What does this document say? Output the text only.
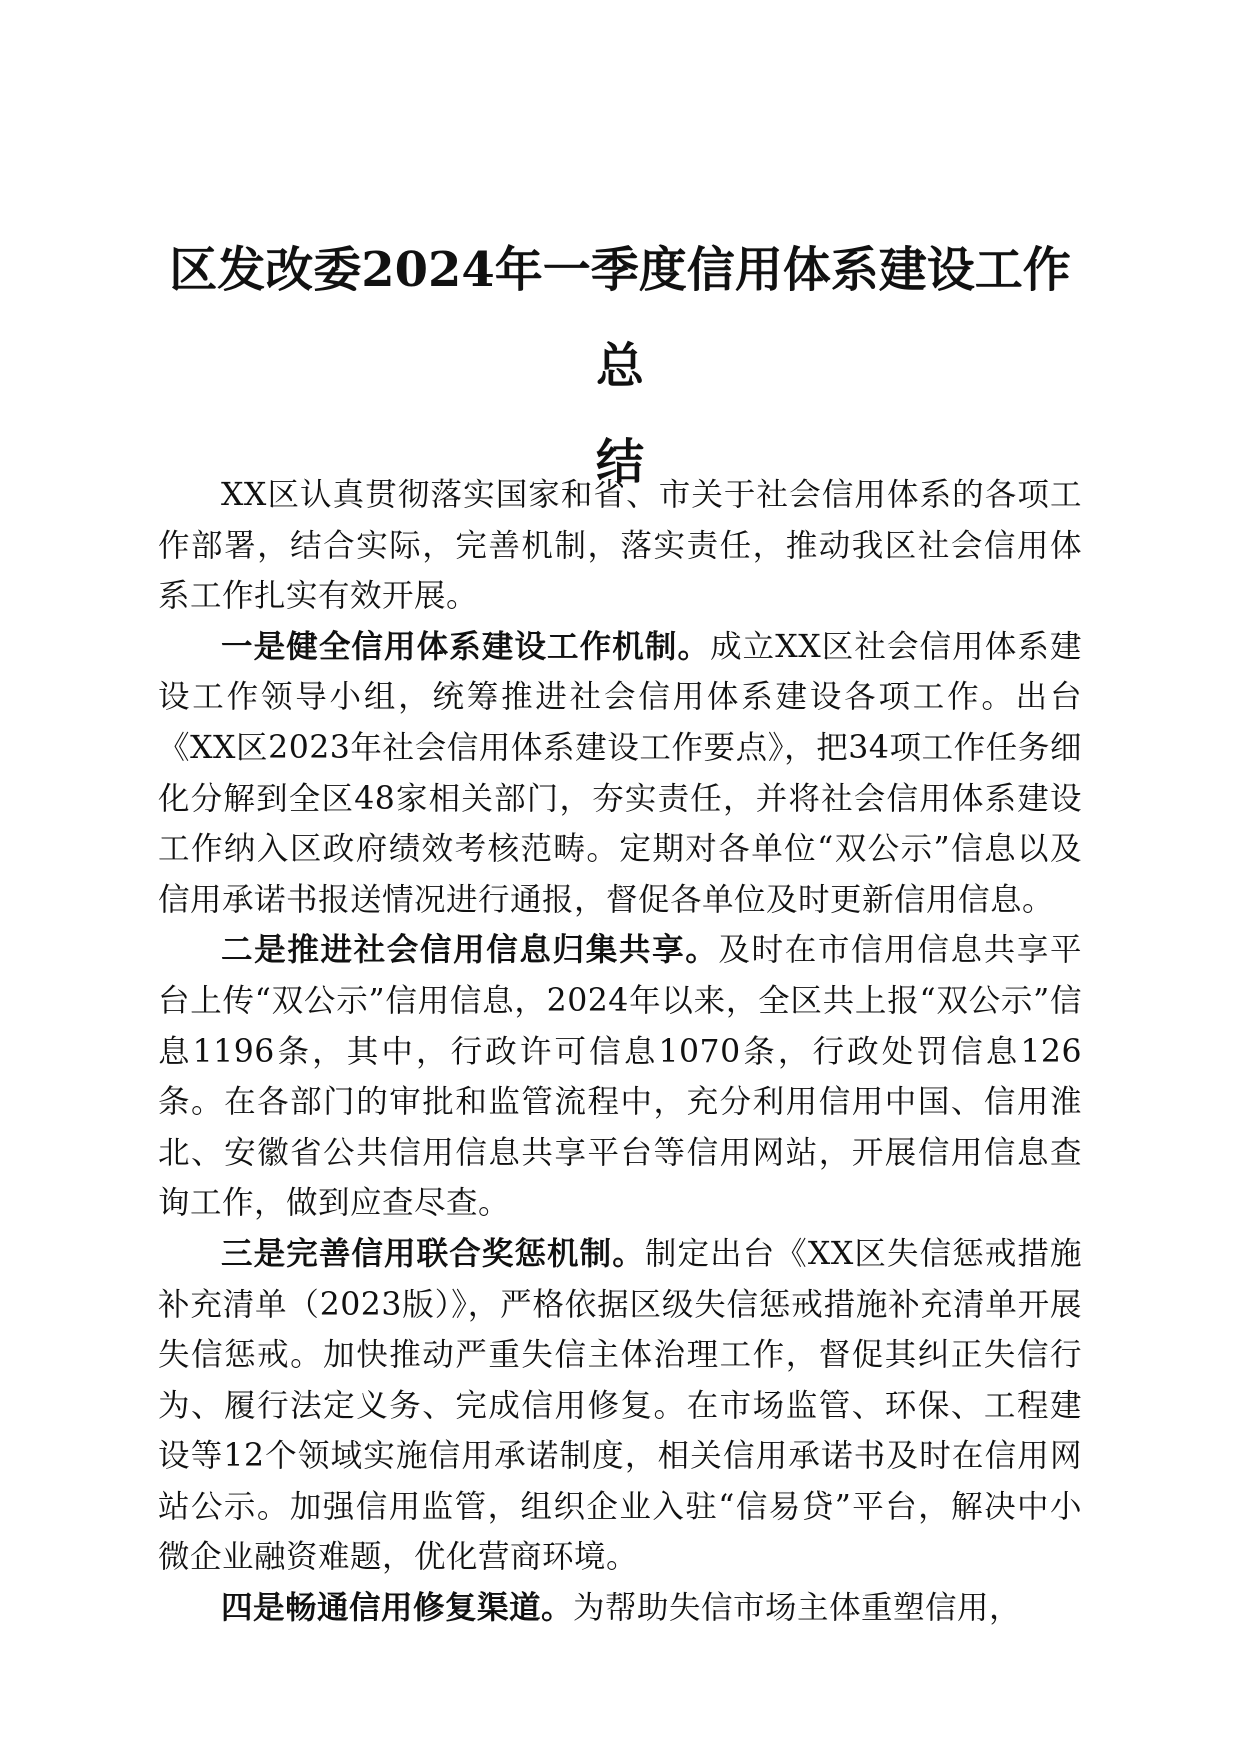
区发改委2024年一季度信用体系建设工作总
结

XX区认真贯彻落实国家和省、市关于社会信用体系的各项工作部署，结合实际，完善机制，落实责任，推动我区社会信用体系工作扎实有效开展。

一是健全信用体系建设工作机制。成立XX区社会信用体系建设工作领导小组，统筹推进社会信用体系建设各项工作。出台《XX区2023年社会信用体系建设工作要点》，把34项工作任务细化分解到全区48家相关部门，夯实责任，并将社会信用体系建设工作纳入区政府绩效考核范畴。定期对各单位“双公示”信息以及信用承诺书报送情况进行通报，督促各单位及时更新信用信息。

二是推进社会信用信息归集共享。及时在市信用信息共享平台上传“双公示”信用信息，2024年以来，全区共上报“双公示”信息1196条，其中，行政许可信息1070条，行政处罚信息126条。在各部门的审批和监管流程中，充分利用信用中国、信用淮北、安徽省公共信用信息共享平台等信用网站，开展信用信息查询工作，做到应查尽查。

三是完善信用联合奖惩机制。制定出台《XX区失信惩戒措施补充清单（2023版）》，严格依据区级失信惩戒措施补充清单开展失信惩戒。加快推动严重失信主体治理工作，督促其纠正失信行为、履行法定义务、完成信用修复。在市场监管、环保、工程建设等12个领域实施信用承诺制度，相关信用承诺书及时在信用网站公示。加强信用监管，组织企业入驻“信易贷”平台，解决中小微企业融资难题，优化营商环境。

四是畅通信用修复渠道。为帮助失信市场主体重塑信用，
